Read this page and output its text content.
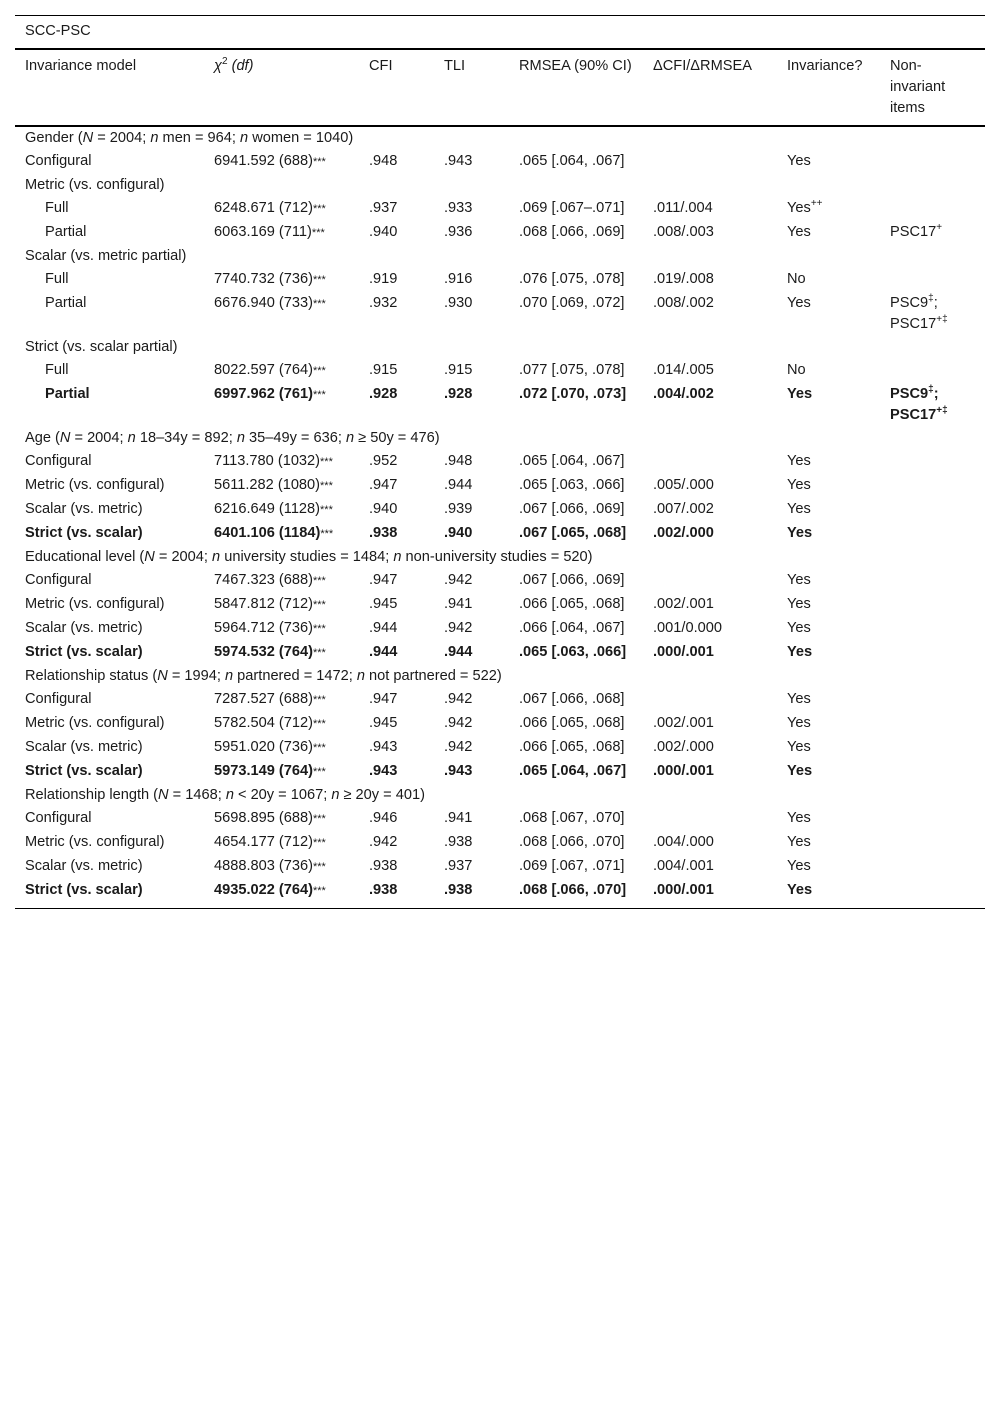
SCC-PSC							
Invariance model	$\chi^2$ (df)	CFI	TLI	RMSEA (90% CI)	ΔCFI/ΔRMSEA	Invariance?	Non-invariant items
Gender (N = 2004; n men = 964; n women = 1040)							
Configural	6941.592 (688)***	.948	.943	.065 [.064, .067]		Yes	
Metric (vs. configural)							
Full	6248.671 (712)***	.937	.933	.069 [.067–.071]	.011/.004	Yes++	
Partial	6063.169 (711)***	.940	.936	.068 [.066, .069]	.008/.003	Yes	PSC17+
Scalar (vs. metric partial)							
Full	7740.732 (736)***	.919	.916	.076 [.075, .078]	.019/.008	No	
Partial	6676.940 (733)***	.932	.930	.070 [.069, .072]	.008/.002	Yes	PSC9‡;
PSC17+‡
Strict (vs. scalar partial)							
Full	8022.597 (764)***	.915	.915	.077 [.075, .078]	.014/.005	No	
Partial	6997.962 (761)***	.928	.928	.072 [.070, .073]	.004/.002	Yes	PSC9‡;
PSC17+‡
Age (N = 2004; n 18–34y = 892; n 35–49y = 636; n ≥ 50y = 476)							
Configural	7113.780 (1032)***	.952	.948	.065 [.064, .067]		Yes	
Metric (vs. configural)	5611.282 (1080)***	.947	.944	.065 [.063, .066]	.005/.000	Yes	
Scalar (vs. metric)	6216.649 (1128)***	.940	.939	.067 [.066, .069]	.007/.002	Yes	
Strict (vs. scalar)	6401.106 (1184)***	.938	.940	.067 [.065, .068]	.002/.000	Yes	
Educational level (N = 2004; n university studies = 1484; n non-university studies = 520)							
Configural	7467.323 (688)***	.947	.942	.067 [.066, .069]		Yes	
Metric (vs. configural)	5847.812 (712)***	.945	.941	.066 [.065, .068]	.002/.001	Yes	
Scalar (vs. metric)	5964.712 (736)***	.944	.942	.066 [.064, .067]	.001/0.000	Yes	
Strict (vs. scalar)	5974.532 (764)***	.944	.944	.065 [.063, .066]	.000/.001	Yes	
Relationship status (N = 1994; n partnered = 1472; n not partnered = 522)							
Configural	7287.527 (688)***	.947	.942	.067 [.066, .068]		Yes	
Metric (vs. configural)	5782.504 (712)***	.945	.942	.066 [.065, .068]	.002/.001	Yes	
Scalar (vs. metric)	5951.020 (736)***	.943	.942	.066 [.065, .068]	.002/.000	Yes	
Strict (vs. scalar)	5973.149 (764)***	.943	.943	.065 [.064, .067]	.000/.001	Yes	
Relationship length (N = 1468; n < 20y = 1067; n ≥ 20y = 401)							
Configural	5698.895 (688)***	.946	.941	.068 [.067, .070]		Yes	
Metric (vs. configural)	4654.177 (712)***	.942	.938	.068 [.066, .070]	.004/.000	Yes	
Scalar (vs. metric)	4888.803 (736)***	.938	.937	.069 [.067, .071]	.004/.001	Yes	
Strict (vs. scalar)	4935.022 (764)***	.938	.938	.068 [.066, .070]	.000/.001	Yes	
